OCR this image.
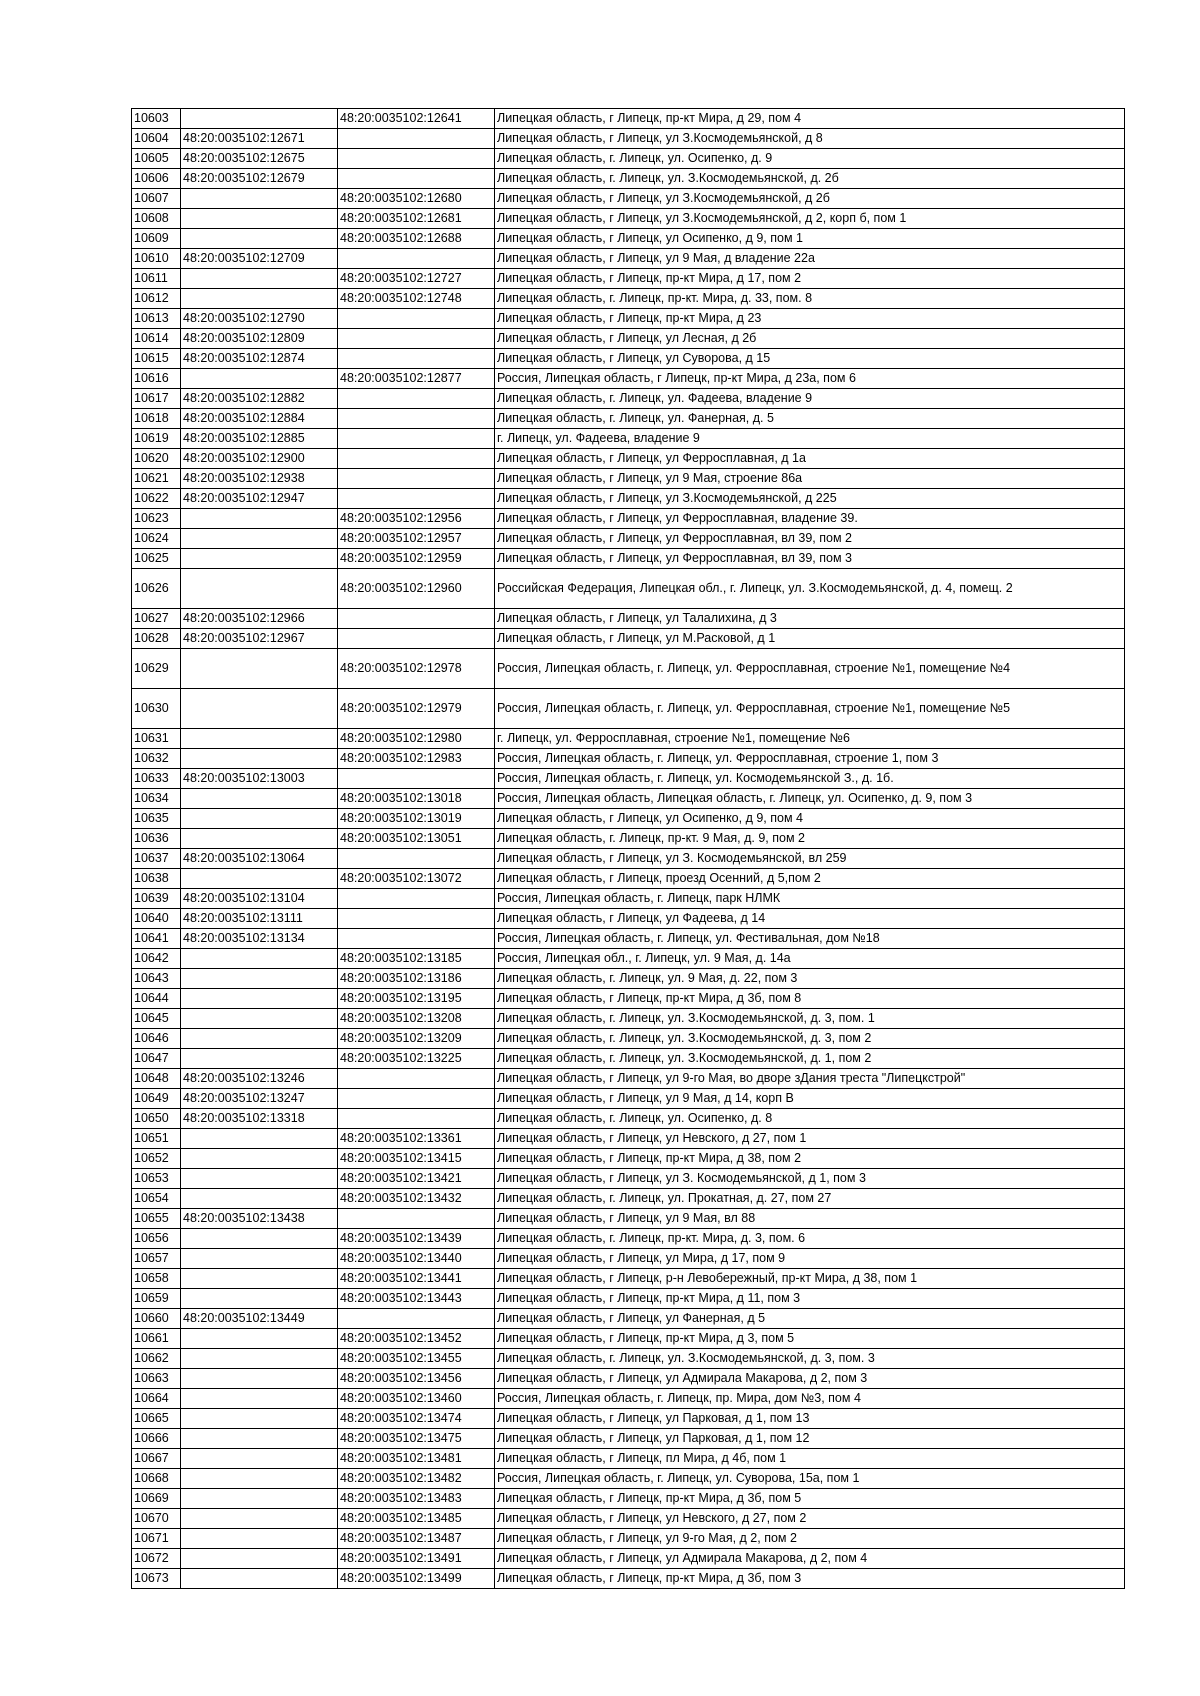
10603		48:20:0035102:12641	Липецкая область, г Липецк, пр-кт Мира, д 29, пом 4
10604	48:20:0035102:12671		Липецкая область, г Липецк, ул З.Космодемьянской, д 8
10605	48:20:0035102:12675		Липецкая область, г. Липецк, ул. Осипенко, д. 9
10606	48:20:0035102:12679		Липецкая область, г. Липецк, ул. З.Космодемьянской, д. 2б
10607		48:20:0035102:12680	Липецкая область, г Липецк, ул З.Космодемьянской, д 2б
10608		48:20:0035102:12681	Липецкая область, г Липецк, ул З.Космодемьянской, д 2, корп б, пом 1
10609		48:20:0035102:12688	Липецкая область, г Липецк, ул Осипенко, д 9, пом 1
10610	48:20:0035102:12709		Липецкая область, г Липецк, ул 9 Мая, д владение 22а
10611		48:20:0035102:12727	Липецкая область, г Липецк, пр-кт Мира, д 17, пом 2
10612		48:20:0035102:12748	Липецкая область, г. Липецк, пр-кт. Мира, д. 33, пом. 8
10613	48:20:0035102:12790		Липецкая область, г Липецк, пр-кт Мира, д 23
10614	48:20:0035102:12809		Липецкая область, г Липецк, ул Лесная, д 2б
10615	48:20:0035102:12874		Липецкая область, г Липецк, ул Суворова, д 15
10616		48:20:0035102:12877	Россия, Липецкая область, г Липецк, пр-кт Мира, д 23а, пом 6
10617	48:20:0035102:12882		Липецкая область, г. Липецк, ул. Фадеева, владение 9
10618	48:20:0035102:12884		Липецкая область, г. Липецк, ул. Фанерная, д. 5
10619	48:20:0035102:12885		г. Липецк, ул. Фадеева, владение 9
10620	48:20:0035102:12900		Липецкая область, г Липецк, ул Ферросплавная, д 1а
10621	48:20:0035102:12938		Липецкая область, г Липецк, ул 9 Мая, строение 86а
10622	48:20:0035102:12947		Липецкая область, г Липецк, ул З.Космодемьянской, д 225
10623		48:20:0035102:12956	Липецкая область, г Липецк, ул Ферросплавная, владение 39.
10624		48:20:0035102:12957	Липецкая область, г Липецк, ул Ферросплавная, вл 39, пом 2
10625		48:20:0035102:12959	Липецкая область, г Липецк, ул Ферросплавная, вл 39, пом 3
10626		48:20:0035102:12960	Российская Федерация, Липецкая обл., г. Липецк, ул. З.Космодемьянской, д. 4, помещ. 2
10627	48:20:0035102:12966		Липецкая область, г Липецк, ул Талалихина, д 3
10628	48:20:0035102:12967		Липецкая область, г Липецк, ул М.Расковой, д 1
10629		48:20:0035102:12978	Россия, Липецкая область, г. Липецк, ул. Ферросплавная, строение №1, помещение №4
10630		48:20:0035102:12979	Россия, Липецкая область, г. Липецк, ул. Ферросплавная, строение №1, помещение №5
10631		48:20:0035102:12980	г. Липецк, ул. Ферросплавная, строение №1, помещение №6
10632		48:20:0035102:12983	Россия, Липецкая область, г. Липецк, ул. Ферросплавная, строение 1, пом 3
10633	48:20:0035102:13003		Россия, Липецкая область, г. Липецк, ул. Космодемьянской З., д. 1б.
10634		48:20:0035102:13018	Россия, Липецкая область, Липецкая область, г. Липецк, ул. Осипенко, д. 9, пом 3
10635		48:20:0035102:13019	Липецкая область, г Липецк, ул Осипенко, д 9, пом 4
10636		48:20:0035102:13051	Липецкая область, г. Липецк, пр-кт. 9 Мая, д. 9, пом 2
10637	48:20:0035102:13064		Липецкая область, г Липецк, ул З. Космодемьянской, вл 259
10638		48:20:0035102:13072	Липецкая область, г Липецк, проезд Осенний, д 5,пом 2
10639	48:20:0035102:13104		Россия, Липецкая область, г. Липецк, парк НЛМК
10640	48:20:0035102:13111		Липецкая область, г Липецк, ул Фадеева, д 14
10641	48:20:0035102:13134		Россия, Липецкая область, г. Липецк, ул. Фестивальная, дом №18
10642		48:20:0035102:13185	Россия, Липецкая обл., г. Липецк, ул. 9 Мая, д. 14а
10643		48:20:0035102:13186	Липецкая область, г. Липецк, ул. 9 Мая, д. 22, пом 3
10644		48:20:0035102:13195	Липецкая область, г Липецк, пр-кт Мира, д 3б, пом 8
10645		48:20:0035102:13208	Липецкая область, г. Липецк, ул. З.Космодемьянской, д. 3, пом. 1
10646		48:20:0035102:13209	Липецкая область, г. Липецк, ул. З.Космодемьянской, д. 3, пом 2
10647		48:20:0035102:13225	Липецкая область, г. Липецк, ул. З.Космодемьянской, д. 1, пом 2
10648	48:20:0035102:13246		Липецкая область, г Липецк, ул 9-го Мая, во дворе зДания треста "Липецкстрой"
10649	48:20:0035102:13247		Липецкая область, г Липецк, ул 9 Мая, д 14, корп В
10650	48:20:0035102:13318		Липецкая область, г. Липецк, ул. Осипенко, д. 8
10651		48:20:0035102:13361	Липецкая область, г Липецк, ул Невского, д 27, пом 1
10652		48:20:0035102:13415	Липецкая область, г Липецк, пр-кт Мира, д 38, пом 2
10653		48:20:0035102:13421	Липецкая область, г Липецк, ул З. Космодемьянской, д 1, пом 3
10654		48:20:0035102:13432	Липецкая область, г. Липецк, ул. Прокатная, д. 27, пом 27
10655	48:20:0035102:13438		Липецкая область, г Липецк, ул 9 Мая, вл 88
10656		48:20:0035102:13439	Липецкая область, г. Липецк, пр-кт. Мира, д. 3, пом. 6
10657		48:20:0035102:13440	Липецкая область, г Липецк, ул Мира, д 17, пом 9
10658		48:20:0035102:13441	Липецкая область, г Липецк, р-н Левобережный, пр-кт Мира, д 38, пом 1
10659		48:20:0035102:13443	Липецкая область, г Липецк, пр-кт Мира, д 11, пом 3
10660	48:20:0035102:13449		Липецкая область, г Липецк, ул Фанерная, д 5
10661		48:20:0035102:13452	Липецкая область, г Липецк, пр-кт Мира, д 3, пом 5
10662		48:20:0035102:13455	Липецкая область, г. Липецк, ул. З.Космодемьянской, д. 3, пом. 3
10663		48:20:0035102:13456	Липецкая область, г Липецк, ул Адмирала Макарова, д 2, пом 3
10664		48:20:0035102:13460	Россия, Липецкая область, г. Липецк, пр. Мира, дом №3, пом 4
10665		48:20:0035102:13474	Липецкая область, г Липецк, ул Парковая, д 1, пом 13
10666		48:20:0035102:13475	Липецкая область, г Липецк, ул Парковая, д 1, пом 12
10667		48:20:0035102:13481	Липецкая область, г Липецк, пл Мира, д 4б, пом 1
10668		48:20:0035102:13482	Россия, Липецкая область, г. Липецк, ул. Суворова, 15а, пом 1
10669		48:20:0035102:13483	Липецкая область, г Липецк, пр-кт Мира, д 3б, пом 5
10670		48:20:0035102:13485	Липецкая область, г Липецк, ул Невского, д 27, пом 2
10671		48:20:0035102:13487	Липецкая область, г Липецк, ул 9-го Мая, д 2, пом 2
10672		48:20:0035102:13491	Липецкая область, г Липецк, ул Адмирала Макарова, д 2, пом 4
10673		48:20:0035102:13499	Липецкая область, г Липецк, пр-кт Мира, д 3б, пом 3
